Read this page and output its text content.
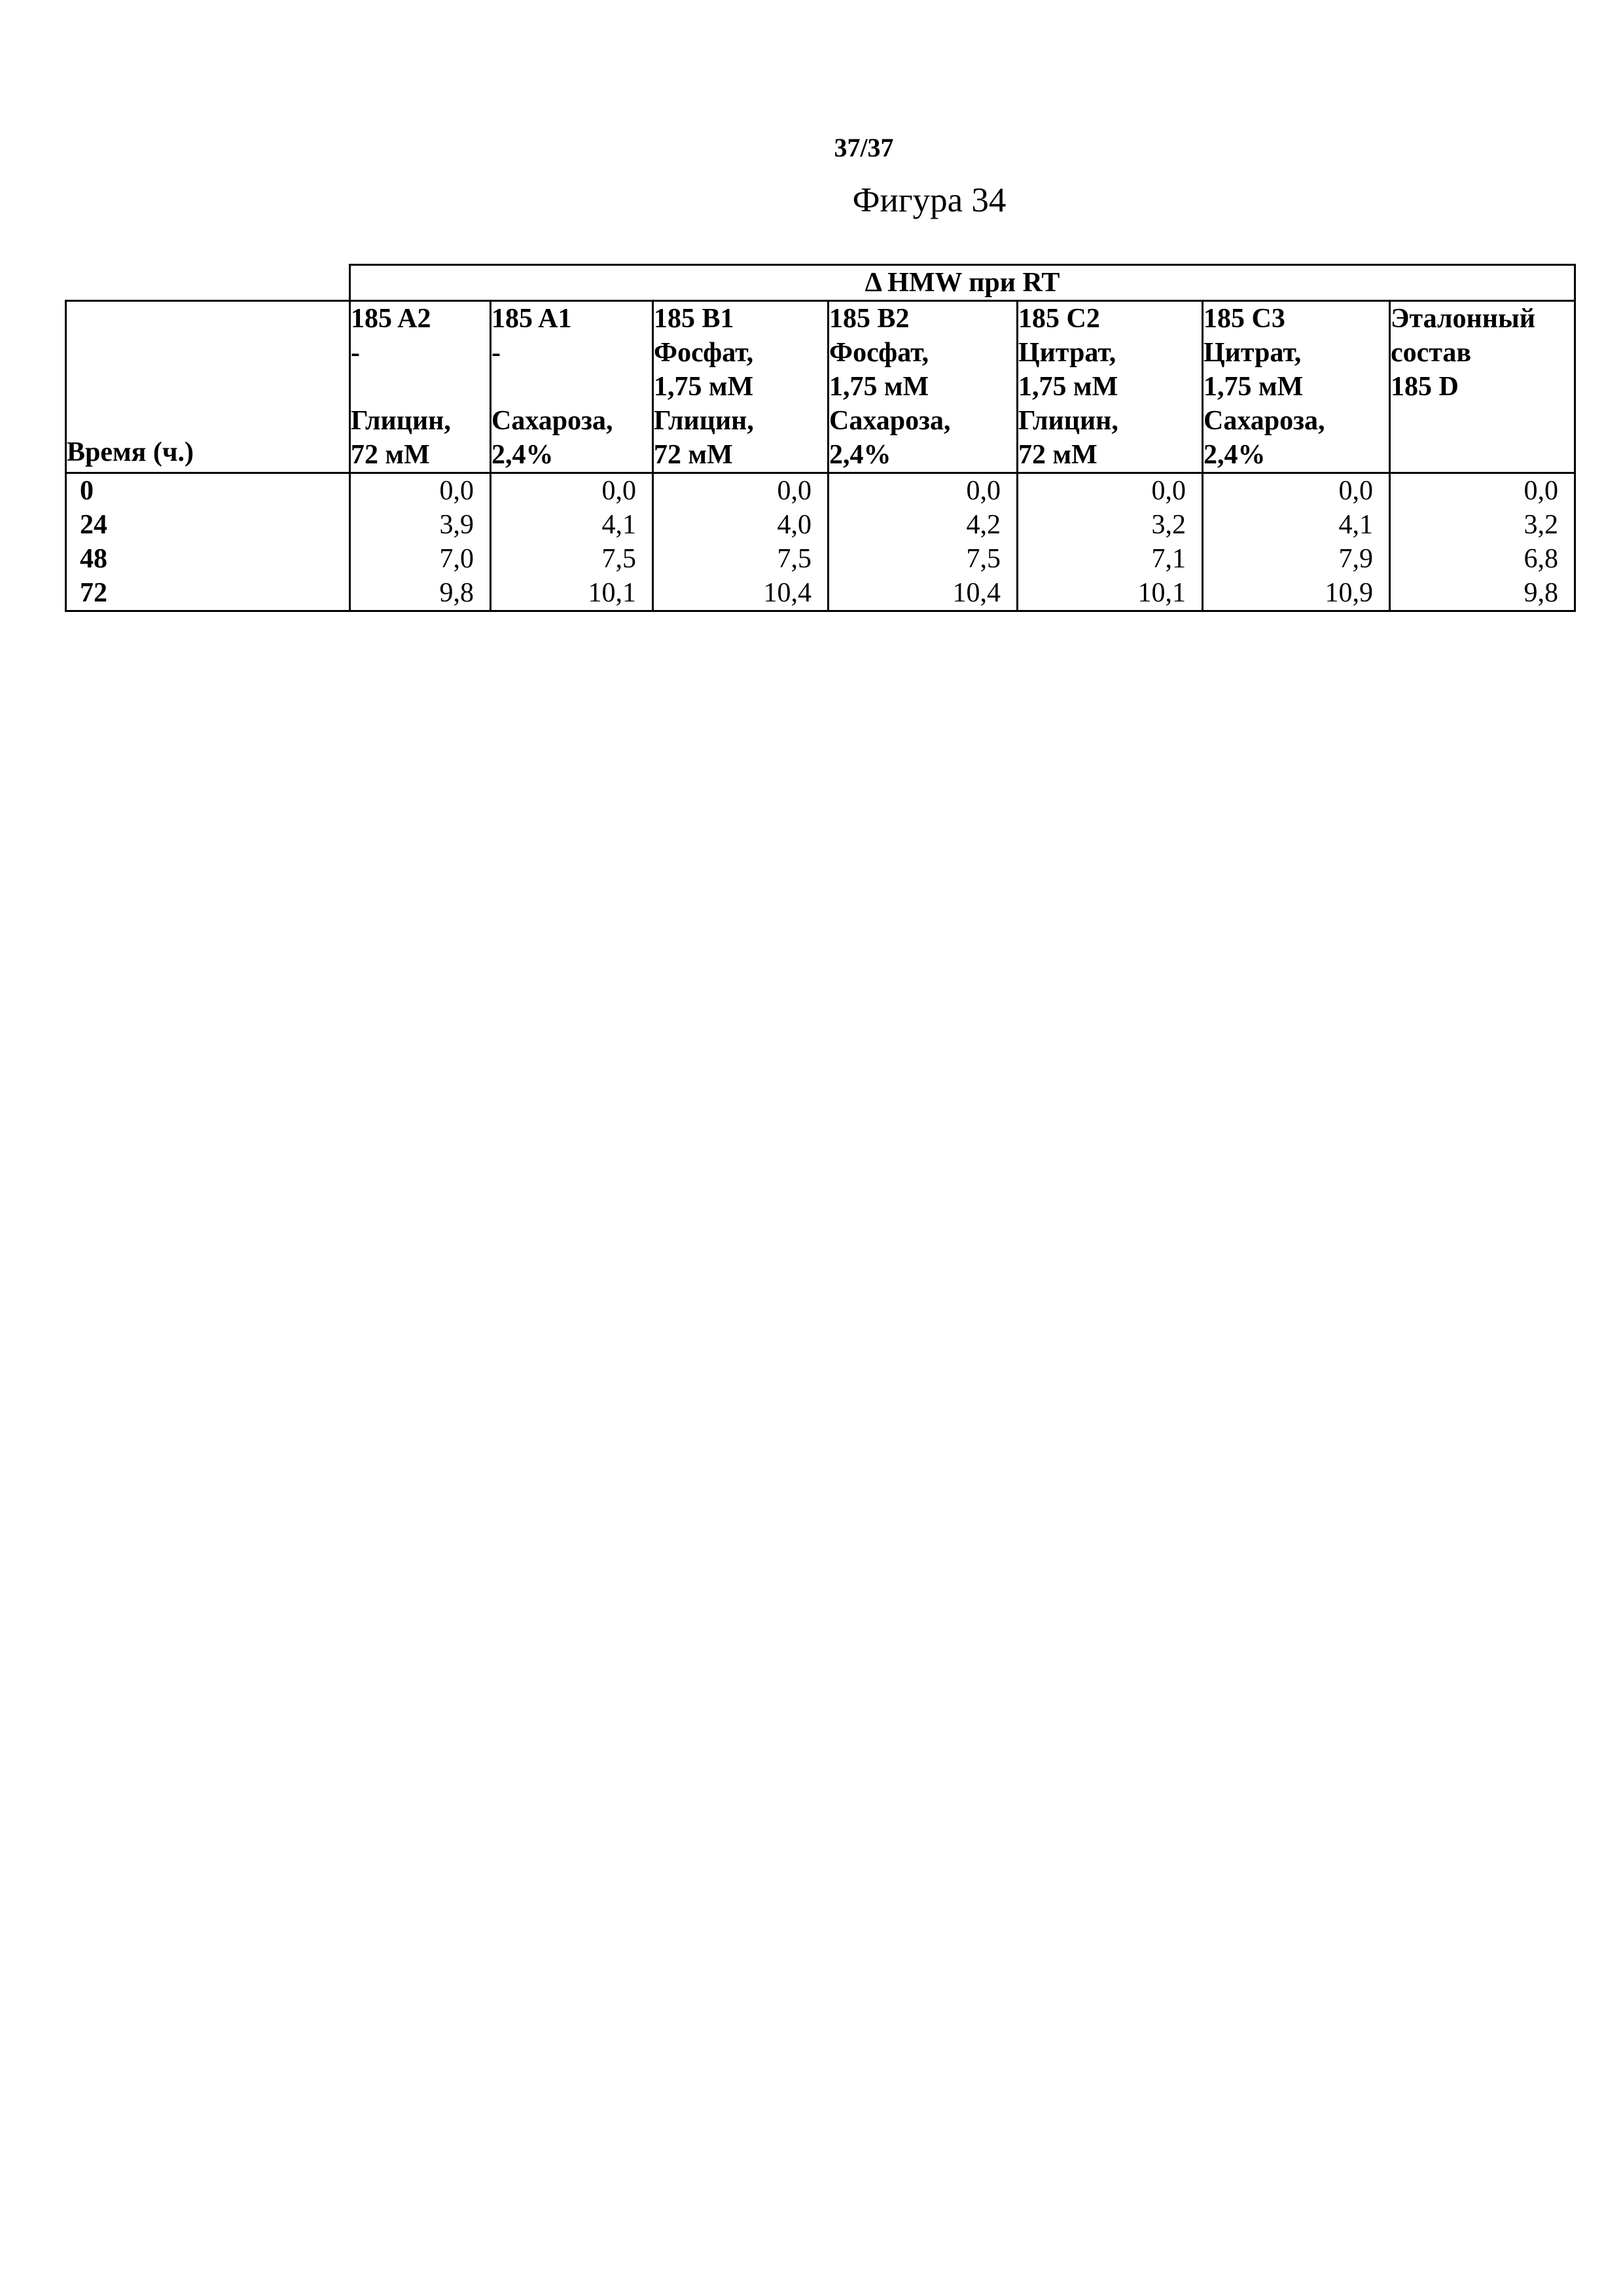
37/37
Фигура 34
	Δ HMW при RT						
Время (ч.)	185 A2
-
Глицин,
72 мМ	185 A1
-
Сахароза,
2,4%	185 B1
Фосфат,
1,75 мМ
Глицин,
72 мМ	185 B2
Фосфат,
1,75 мМ
Сахароза,
2,4%	185 C2
Цитрат,
1,75 мМ
Глицин,
72 мМ	185 C3
Цитрат,
1,75 мМ
Сахароза,
2,4%	Эталонный
состав
185 D

0	0,0	0,0	0,0	0,0	0,0	0,0	0,0
24	3,9	4,1	4,0	4,2	3,2	4,1	3,2
48	7,0	7,5	7,5	7,5	7,1	7,9	6,8
72	9,8	10,1	10,4	10,4	10,1	10,9	9,8
